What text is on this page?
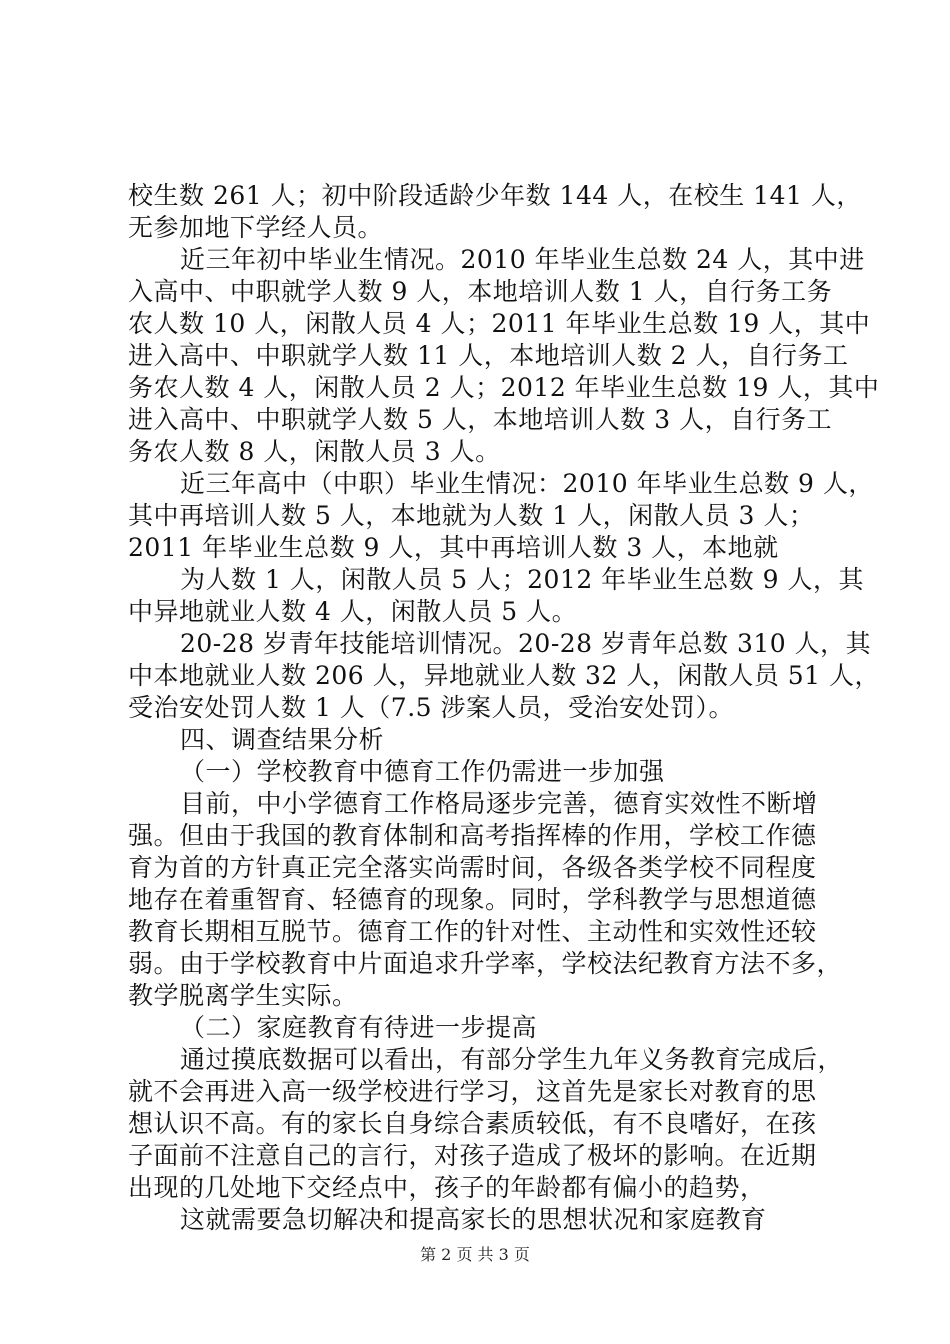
校生数 261 人；初中阶段适龄少年数 144 人，在校生 141 人，
无参加地下学经人员。
近三年初中毕业生情况。2010 年毕业生总数 24 人，其中进
入高中、中职就学人数 9 人，本地培训人数 1 人，自行务工务
农人数 10 人，闲散人员 4 人；2011 年毕业生总数 19 人，其中
进入高中、中职就学人数 11 人，本地培训人数 2 人，自行务工
务农人数 4 人，闲散人员 2 人；2012 年毕业生总数 19 人，其中
进入高中、中职就学人数 5 人，本地培训人数 3 人，自行务工
务农人数 8 人，闲散人员 3 人。
近三年高中（中职）毕业生情况：2010 年毕业生总数 9 人，
其中再培训人数 5 人，本地就为人数 1 人，闲散人员 3 人；
2011 年毕业生总数 9 人，其中再培训人数 3 人，本地就
为人数 1 人，闲散人员 5 人；2012 年毕业生总数 9 人，其
中异地就业人数 4 人，闲散人员 5 人。
20-28 岁青年技能培训情况。20-28 岁青年总数 310 人，其
中本地就业人数 206 人，异地就业人数 32 人，闲散人员 51 人，
受治安处罚人数 1 人（7.5 涉案人员，受治安处罚）。
四、调查结果分析
（一）学校教育中德育工作仍需进一步加强
目前，中小学德育工作格局逐步完善，德育实效性不断增
强。但由于我国的教育体制和高考指挥棒的作用，学校工作德
育为首的方针真正完全落实尚需时间，各级各类学校不同程度
地存在着重智育、轻德育的现象。同时，学科教学与思想道德
教育长期相互脱节。德育工作的针对性、主动性和实效性还较
弱。由于学校教育中片面追求升学率，学校法纪教育方法不多，
教学脱离学生实际。
（二）家庭教育有待进一步提高
通过摸底数据可以看出，有部分学生九年义务教育完成后，
就不会再进入高一级学校进行学习，这首先是家长对教育的思
想认识不高。有的家长自身综合素质较低，有不良嗜好，在孩
子面前不注意自己的言行，对孩子造成了极坏的影响。在近期
出现的几处地下交经点中，孩子的年龄都有偏小的趋势，
这就需要急切解决和提高家长的思想状况和家庭教育
第 2 页 共 3 页
